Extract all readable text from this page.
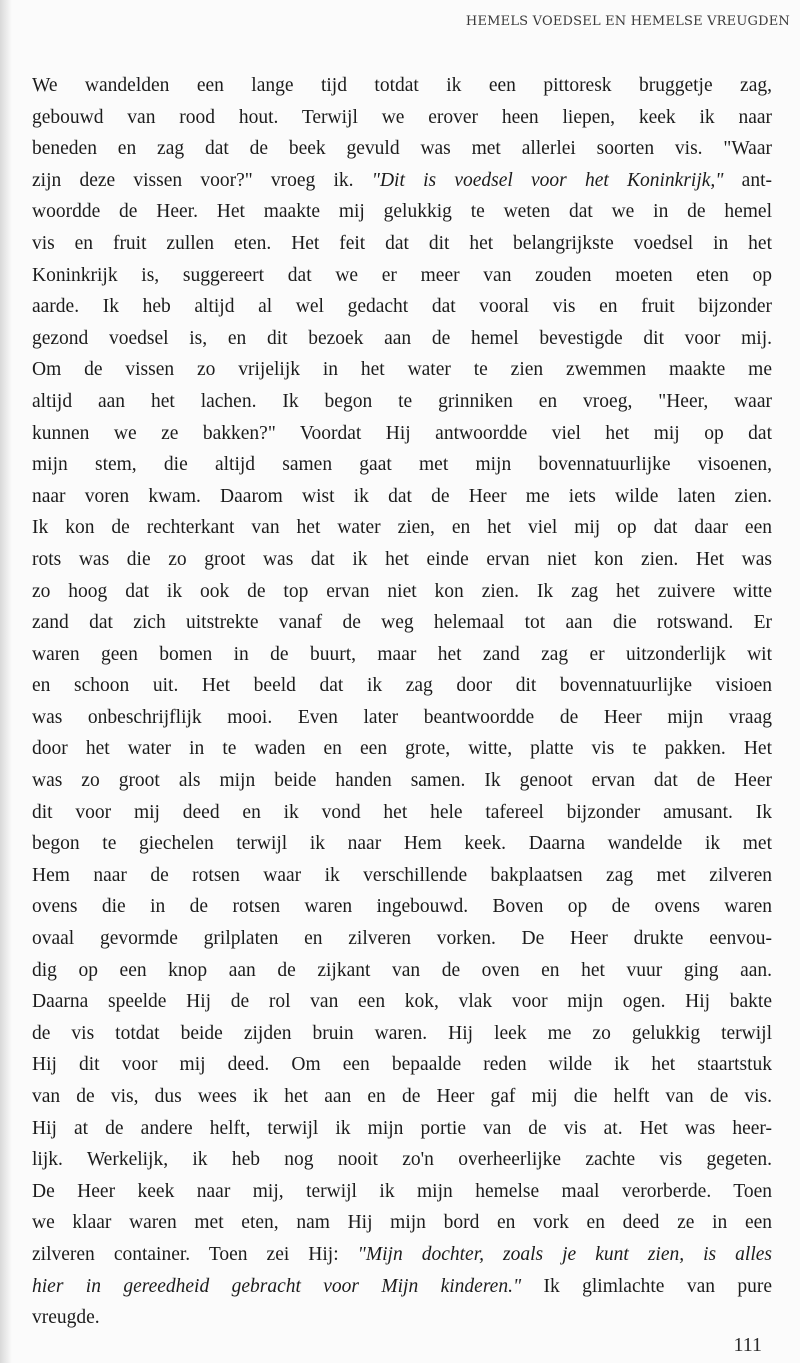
HEMELS VOEDSEL EN HEMELSE VREUGDEN
We wandelden een lange tijd totdat ik een pittoresk bruggetje zag,
gebouwd van rood hout. Terwijl we erover heen liepen, keek ik naar
beneden en zag dat de beek gevuld was met allerlei soorten vis. "Waar
zijn deze vissen voor?" vroeg ik. "Dit is voedsel voor het Koninkrijk," ant-
woordde de Heer. Het maakte mij gelukkig te weten dat we in de hemel
vis en fruit zullen eten. Het feit dat dit het belangrijkste voedsel in het
Koninkrijk is, suggereert dat we er meer van zouden moeten eten op
aarde. Ik heb altijd al wel gedacht dat vooral vis en fruit bijzonder
gezond voedsel is, en dit bezoek aan de hemel bevestigde dit voor mij.
Om de vissen zo vrijelijk in het water te zien zwemmen maakte me
altijd aan het lachen. Ik begon te grinniken en vroeg, "Heer, waar
kunnen we ze bakken?" Voordat Hij antwoordde viel het mij op dat
mijn stem, die altijd samen gaat met mijn bovennatuurlijke visoenen,
naar voren kwam. Daarom wist ik dat de Heer me iets wilde laten zien.
Ik kon de rechterkant van het water zien, en het viel mij op dat daar een
rots was die zo groot was dat ik het einde ervan niet kon zien. Het was
zo hoog dat ik ook de top ervan niet kon zien. Ik zag het zuivere witte
zand dat zich uitstrekte vanaf de weg helemaal tot aan die rotswand. Er
waren geen bomen in de buurt, maar het zand zag er uitzonderlijk wit
en schoon uit. Het beeld dat ik zag door dit bovennatuurlijke visioen
was onbeschrijflijk mooi. Even later beantwoordde de Heer mijn vraag
door het water in te waden en een grote, witte, platte vis te pakken. Het
was zo groot als mijn beide handen samen. Ik genoot ervan dat de Heer
dit voor mij deed en ik vond het hele tafereel bijzonder amusant. Ik
begon te giechelen terwijl ik naar Hem keek. Daarna wandelde ik met
Hem naar de rotsen waar ik verschillende bakplaatsen zag met zilveren
ovens die in de rotsen waren ingebouwd. Boven op de ovens waren
ovaal gevormde grilplaten en zilveren vorken. De Heer drukte eenvou-
dig op een knop aan de zijkant van de oven en het vuur ging aan.
Daarna speelde Hij de rol van een kok, vlak voor mijn ogen. Hij bakte
de vis totdat beide zijden bruin waren. Hij leek me zo gelukkig terwijl
Hij dit voor mij deed. Om een bepaalde reden wilde ik het staartstuk
van de vis, dus wees ik het aan en de Heer gaf mij die helft van de vis.
Hij at de andere helft, terwijl ik mijn portie van de vis at. Het was heer-
lijk. Werkelijk, ik heb nog nooit zo'n overheerlijke zachte vis gegeten.
De Heer keek naar mij, terwijl ik mijn hemelse maal verorberde. Toen
we klaar waren met eten, nam Hij mijn bord en vork en deed ze in een
zilveren container. Toen zei Hij: "Mijn dochter, zoals je kunt zien, is alles
hier in gereedheid gebracht voor Mijn kinderen." Ik glimlachte van pure
vreugde.
111
